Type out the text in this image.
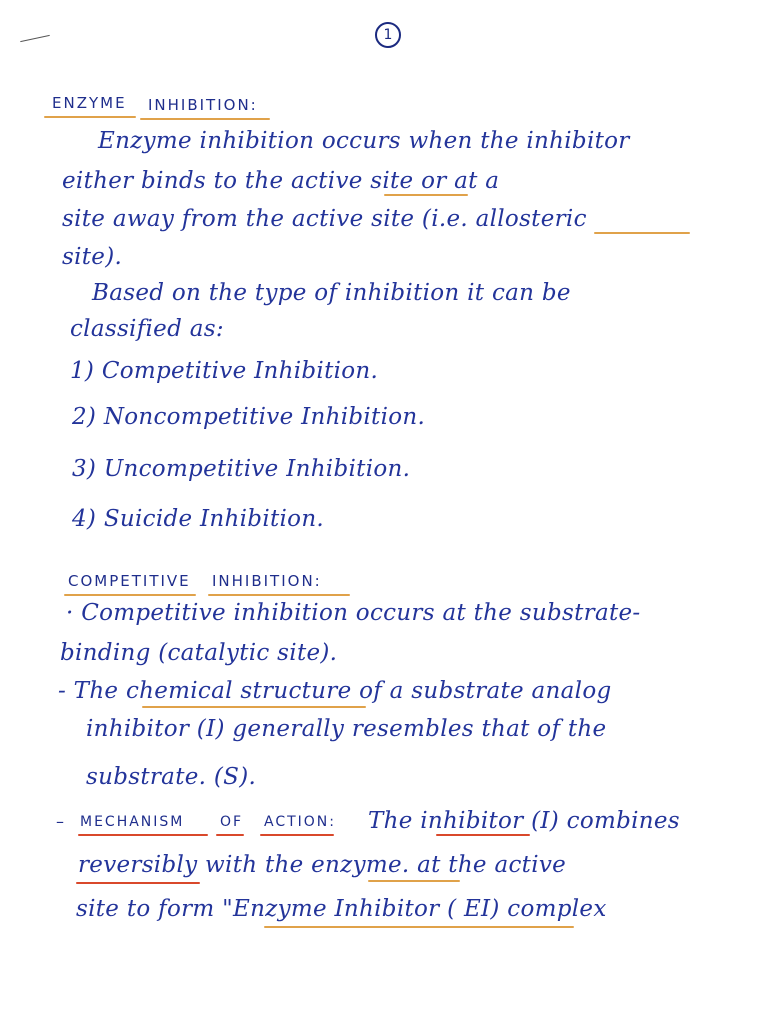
1
ENZYME INHIBITION:
Enzyme inhibition occurs when the inhibitor
either binds to the active site or at a
site away from the active site (i.e. allosteric
site).
Based on the type of inhibition it can be
classified as:
1) Competitive Inhibition.
2) Noncompetitive Inhibition.
3) Uncompetitive Inhibition.
4) Suicide Inhibition.
COMPETITIVE INHIBITION:
· Competitive inhibition occurs at the substrate-
binding (catalytic site).
- The chemical structure of a substrate analog
inhibitor (I) generally resembles that of the
substrate. (S).
– MECHANISM	OF ACTION: The inhibitor (I) combines
reversibly with the enzyme. at the active
site to form "Enzyme Inhibitor ( EI) complex
